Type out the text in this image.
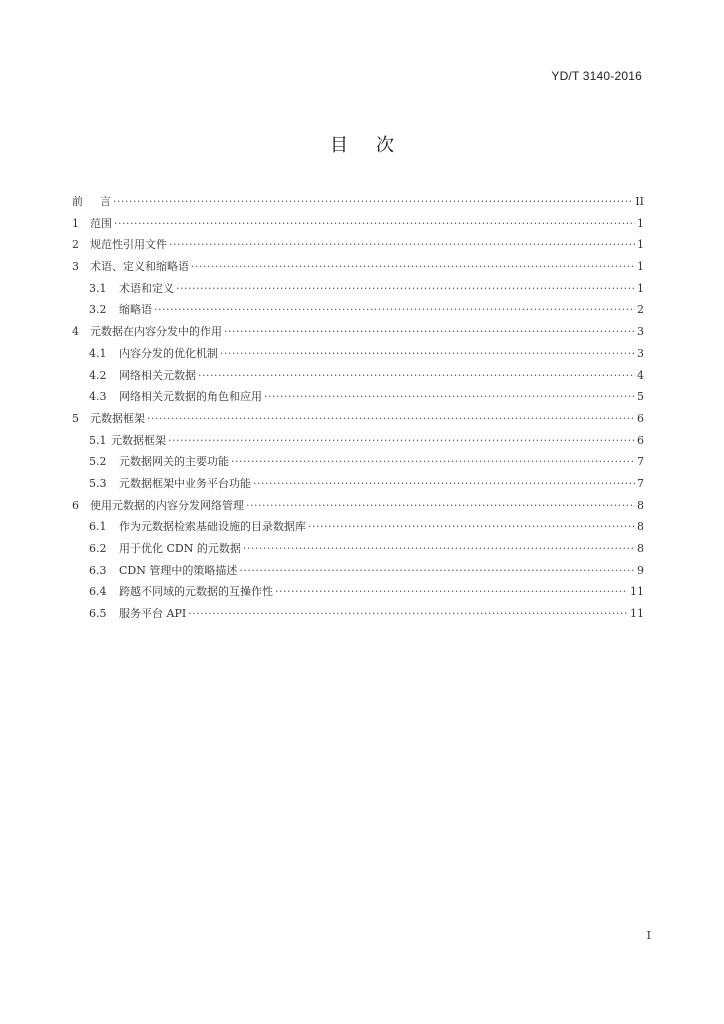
YD/T 3140-2016
目次
前	言 ·····	II
1	范围 ·····	1
2	规范性引用文件 ·····	1
3	术语、定义和缩略语 ·····	1
3.1	术语和定义 ·····	1
3.2	缩略语 ·····	2
4	元数据在内容分发中的作用 ·····	3
4.1	内容分发的优化机制 ·····	3
4.2	网络相关元数据 ·····	4
4.3	网络相关元数据的角色和应用 ·····	5
5	元数据框架 ·····	6
5.1 元数据框架 ·····	6
5.2	元数据网关的主要功能 ·····	7
5.3	元数据框架中业务平台功能 ·····	7
6	使用元数据的内容分发网络管理 ·····	8
6.1	作为元数据检索基础设施的目录数据库 ·····	8
6.2	用于优化 CDN 的元数据 ·····	8
6.3	CDN 管理中的策略描述 ·····	9
6.4	跨越不同域的元数据的互操作性 ·····	11
6.5	服务平台 API ·····	11
I
